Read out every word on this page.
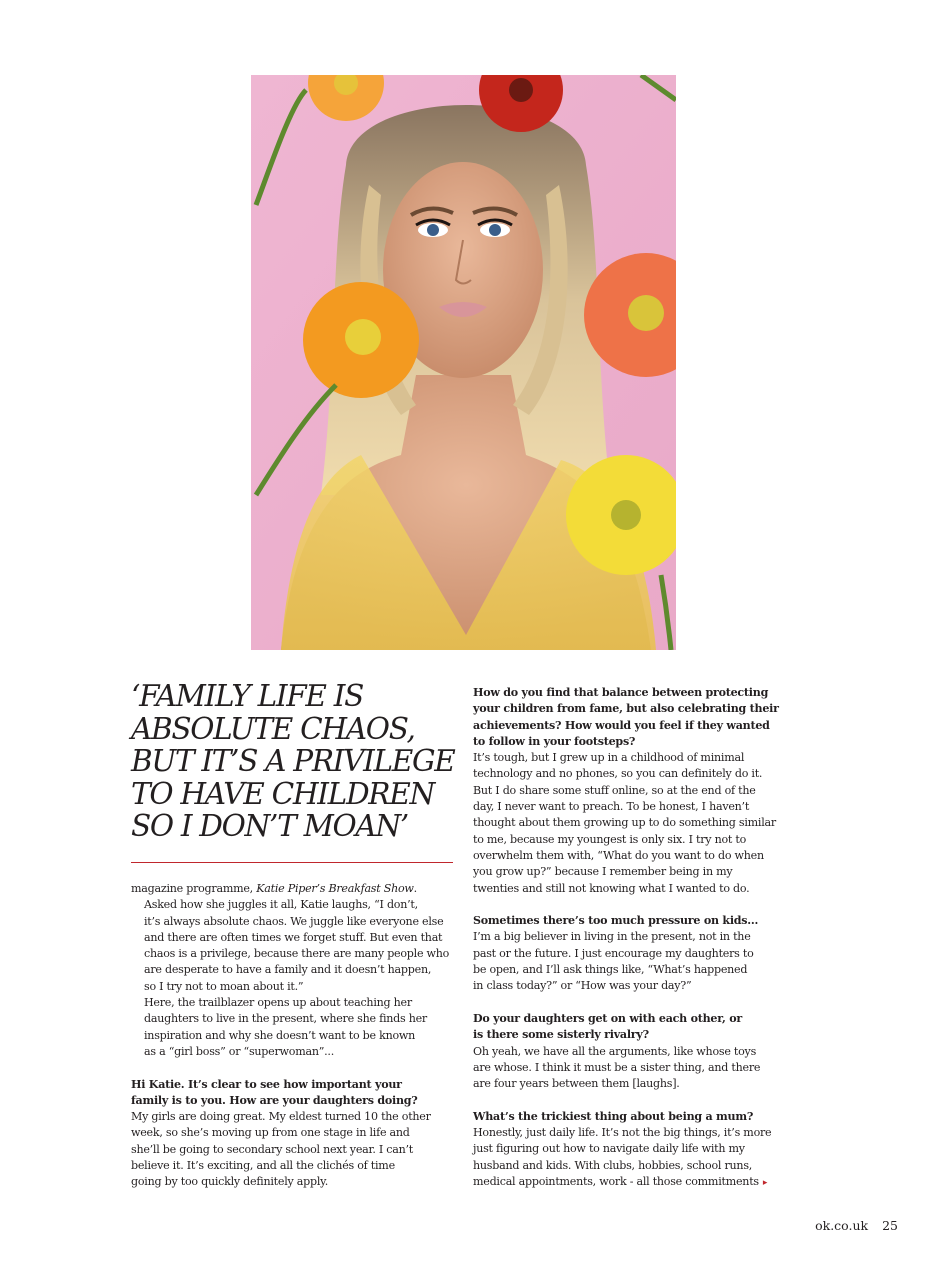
‘FAMILY LIFE IS
ABSOLUTE CHAOS,
BUT IT’S A PRIVILEGE
TO HAVE CHILDREN
SO I DON’T MOAN’

magazine programme, Katie Piper’s Breakfast Show.

Asked how she juggles it all, Katie laughs, “I don’t,
it’s always absolute chaos. We juggle like everyone else
and there are often times we forget stuff. But even that
chaos is a privilege, because there are many people who
are desperate to have a family and it doesn’t happen,
so I try not to moan about it.”

Here, the trailblazer opens up about teaching her
daughters to live in the present, where she finds her
inspiration and why she doesn’t want to be known
as a “girl boss” or “superwoman”...

Hi Katie. It’s clear to see how important your
family is to you. How are your daughters doing?

My girls are doing great. My eldest turned 10 the other
week, so she’s moving up from one stage in life and
she’ll be going to secondary school next year. I can’t
believe it. It’s exciting, and all the clichés of time
going by too quickly definitely apply.

How do you find that balance between protecting
your children from fame, but also celebrating their
achievements? How would you feel if they wanted
to follow in your footsteps?

It’s tough, but I grew up in a childhood of minimal
technology and no phones, so you can definitely do it.
But I do share some stuff online, so at the end of the
day, I never want to preach. To be honest, I haven’t
thought about them growing up to do something similar
to me, because my youngest is only six. I try not to
overwhelm them with, “What do you want to do when
you grow up?” because I remember being in my
twenties and still not knowing what I wanted to do.

Sometimes there’s too much pressure on kids...

I’m a big believer in living in the present, not in the
past or the future. I just encourage my daughters to
be open, and I’ll ask things like, “What’s happened
in class today?” or “How was your day?”

Do your daughters get on with each other, or
is there some sisterly rivalry?

Oh yeah, we have all the arguments, like whose toys
are whose. I think it must be a sister thing, and there
are four years between them [laughs].

What’s the trickiest thing about being a mum?

Honestly, just daily life. It’s not the big things, it’s more
just figuring out how to navigate daily life with my
husband and kids. With clubs, hobbies, school runs,
medical appointments, work - all those commitments ▸

ok.co.uk 25
